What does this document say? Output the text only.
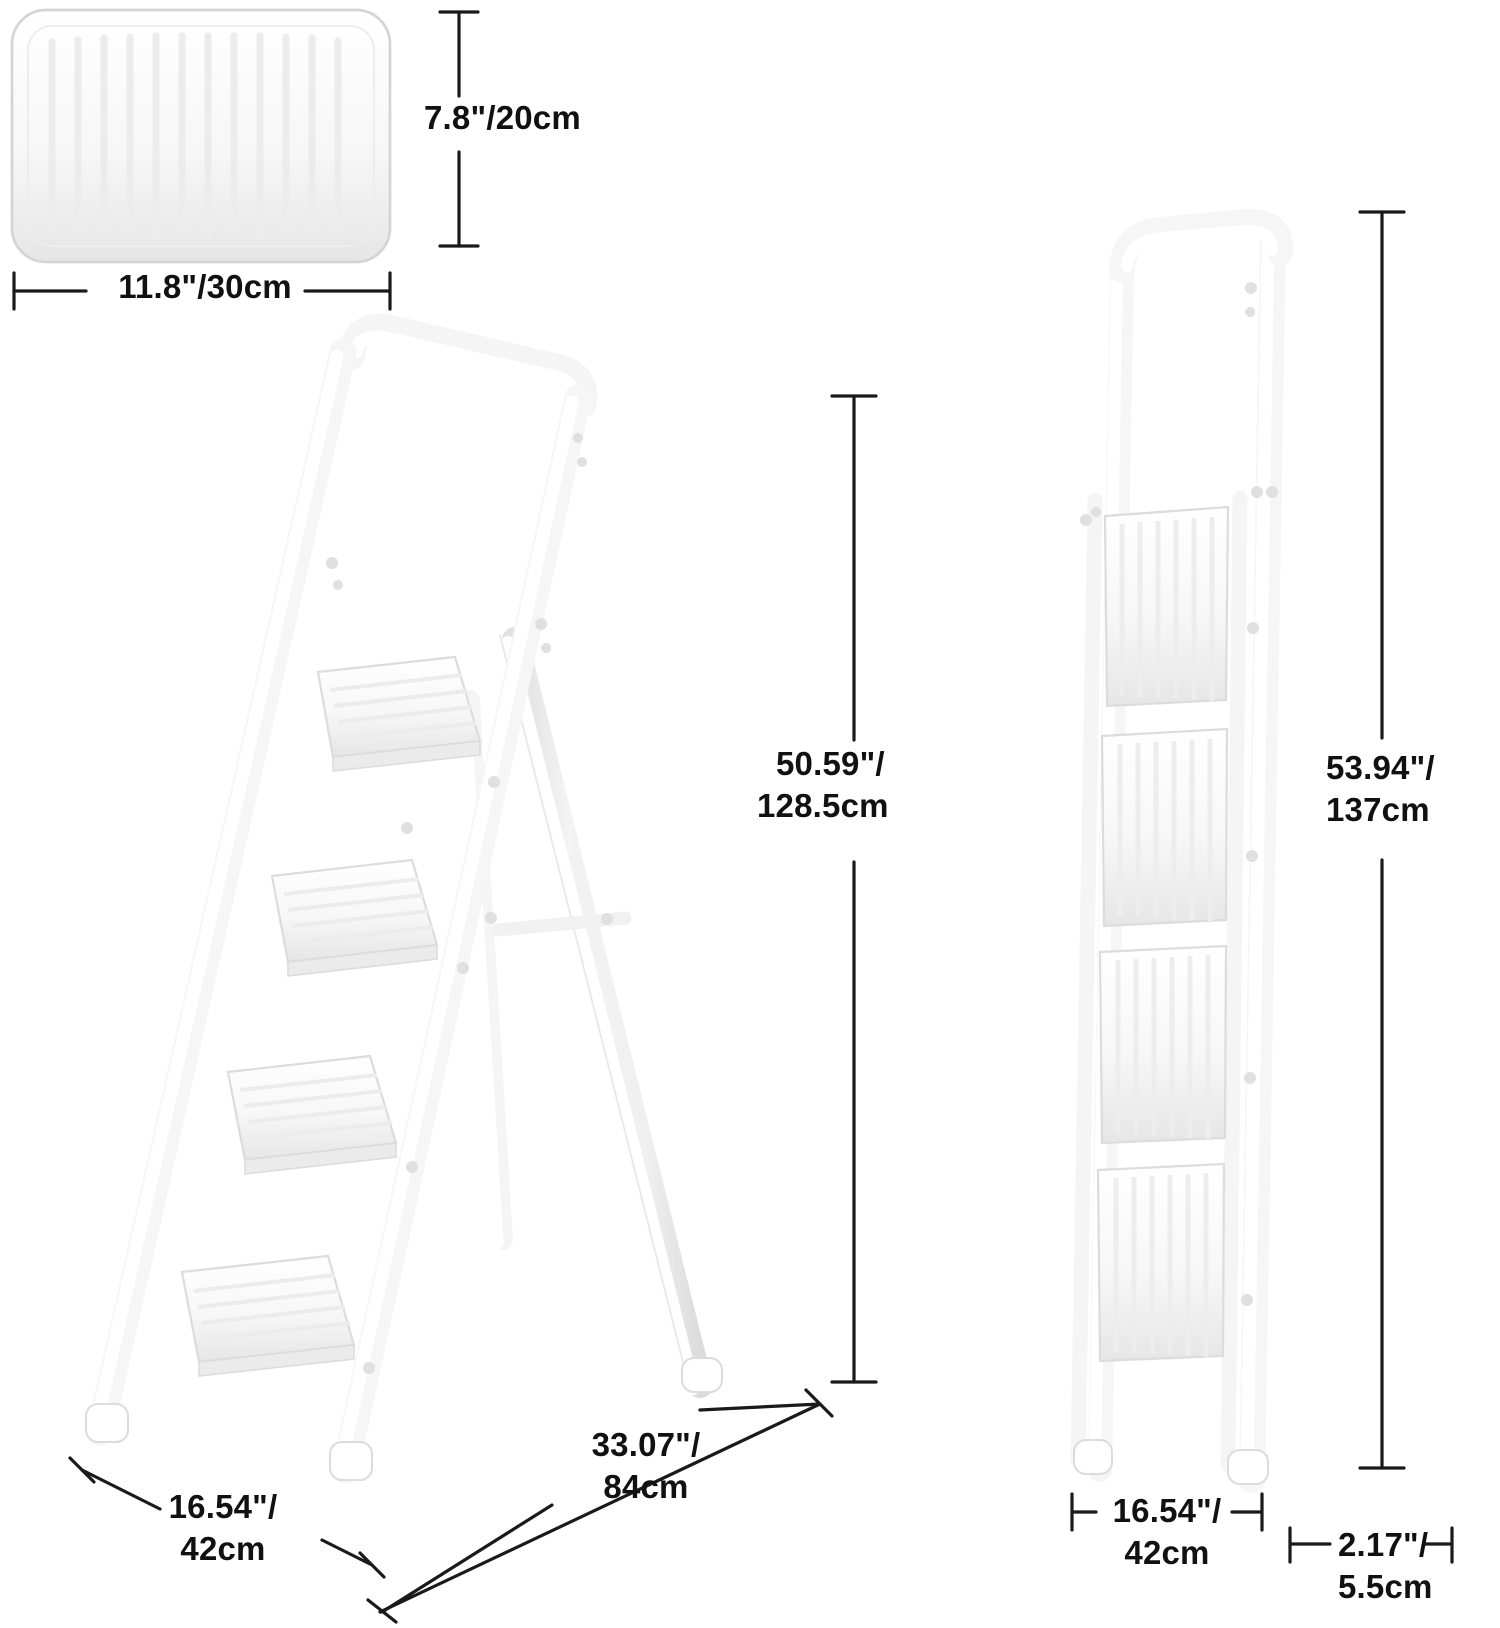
7.8"/20cm
11.8"/30cm
50.59"/
128.5cm
16.54"/
42cm
33.07"/
84cm
53.94"/
137cm
16.54"/
42cm	2.17"/
5.5cm
